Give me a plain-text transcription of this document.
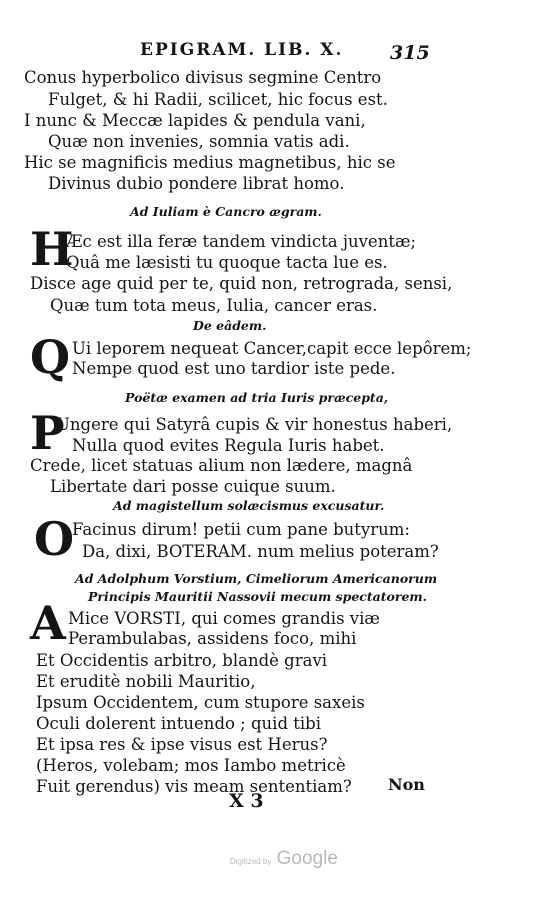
EPIGRAM. LIB. X. 315
Conus hyperbolico divisus segmine Centro
Fulget, & hi Radii, scilicet, hic focus est.
I nunc & Meccæ lapides & pendula vani,
Quæ non invenies, somnia vatis adi.
Hic se magnificis medius magnetibus, hic se
Divinus dubio pondere librat homo.
Ad Iuliam è Cancro ægram.
H
Æc est illa feræ tandem vindicta juventæ;
Quâ me læsisti tu quoque tacta lue es.
Disce age quid per te, quid non, retrograda, sensi,
Quæ tum tota meus, Iulia, cancer eras.
De eâdem.
Q Ui leporem nequeat Cancer,capit ecce lepôrem;
Nempe quod est uno tardior iste pede.
Poëtæ examen ad tria Iuris præcepta,
P
Ungere qui Satyrâ cupis & vir honestus haberi,
Nulla quod evites Regula Iuris habet.
Crede, licet statuas alium non lædere, magnâ
Libertate dari posse cuique suum.
Ad magistellum solæcismus excusatur.
O
Facinus dirum! petii cum pane butyrum:
Da, dixi, BOTERAM. num melius poteram?
Ad Adolphum Vorstium, Cimeliorum Americanorum
Principis Mauritii Nassovii mecum spectatorem.
A Mice VORSTI, qui comes grandis viæ
Perambulabas, assidens foco, mihi
Et Occidentis arbitro, blandè gravi
Et eruditè nobili Mauritio,
Ipsum Occidentem, cum stupore saxeis
Oculi dolerent intuendo ; quid tibi
Et ipsa res & ipse visus est Herus?
(Heros, volebam; mos Iambo metricè
Fuit gerendus) vis meam sententiam?
X 3
Non
Digitized by Google
